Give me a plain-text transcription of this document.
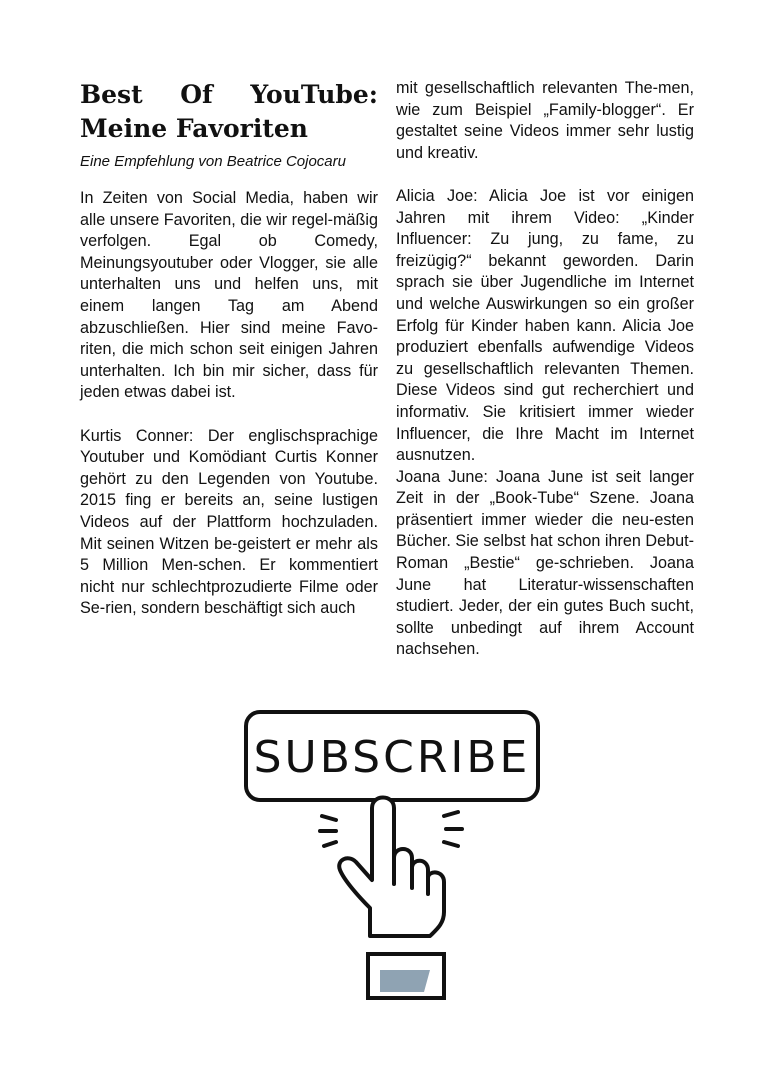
Best Of YouTube:
Meine Favoriten

Eine Empfehlung von Beatrice Cojocaru

In Zeiten von Social Media, haben wir alle unsere Favoriten, die wir regel-mäßig verfolgen. Egal ob Comedy, Meinungsyoutuber oder Vlogger, sie alle unterhalten uns und helfen uns, mit einem langen Tag am Abend abzuschließen. Hier sind meine Favo-riten, die mich schon seit einigen Jahren unterhalten. Ich bin mir sicher, dass für jeden etwas dabei ist.

Kurtis Conner: Der englischsprachige Youtuber und Komödiant Curtis Konner gehört zu den Legenden von Youtube. 2015 fing er bereits an, seine lustigen Videos auf der Plattform hochzuladen. Mit seinen Witzen be-geistert er mehr als 5 Million Men-schen. Er kommentiert nicht nur schlechtprozudierte Filme oder Se-rien, sondern beschäftigt sich auch

mit gesellschaftlich relevanten The-men, wie zum Beispiel „Family-blogger“. Er gestaltet seine Videos immer sehr lustig und kreativ.

Alicia Joe: Alicia Joe ist vor einigen Jahren mit ihrem Video: „Kinder Influencer: Zu jung, zu fame, zu freizügig?“ bekannt geworden. Darin sprach sie über Jugendliche im Internet und welche Auswirkungen so ein großer Erfolg für Kinder haben kann. Alicia Joe produziert ebenfalls aufwendige Videos zu gesellschaftlich relevanten Themen. Diese Videos sind gut recherchiert und informativ. Sie kritisiert immer wieder Influencer, die Ihre Macht im Internet ausnutzen.

Joana June: Joana June ist seit langer Zeit in der „Book-Tube“ Szene. Joana präsentiert immer wieder die neu-esten Bücher. Sie selbst hat schon ihren Debut-Roman „Bestie“ ge-schrieben. Joana June hat Literatur-wissenschaften studiert. Jeder, der ein gutes Buch sucht, sollte unbedingt auf ihrem Account nachsehen.

SUBSCRIBE
